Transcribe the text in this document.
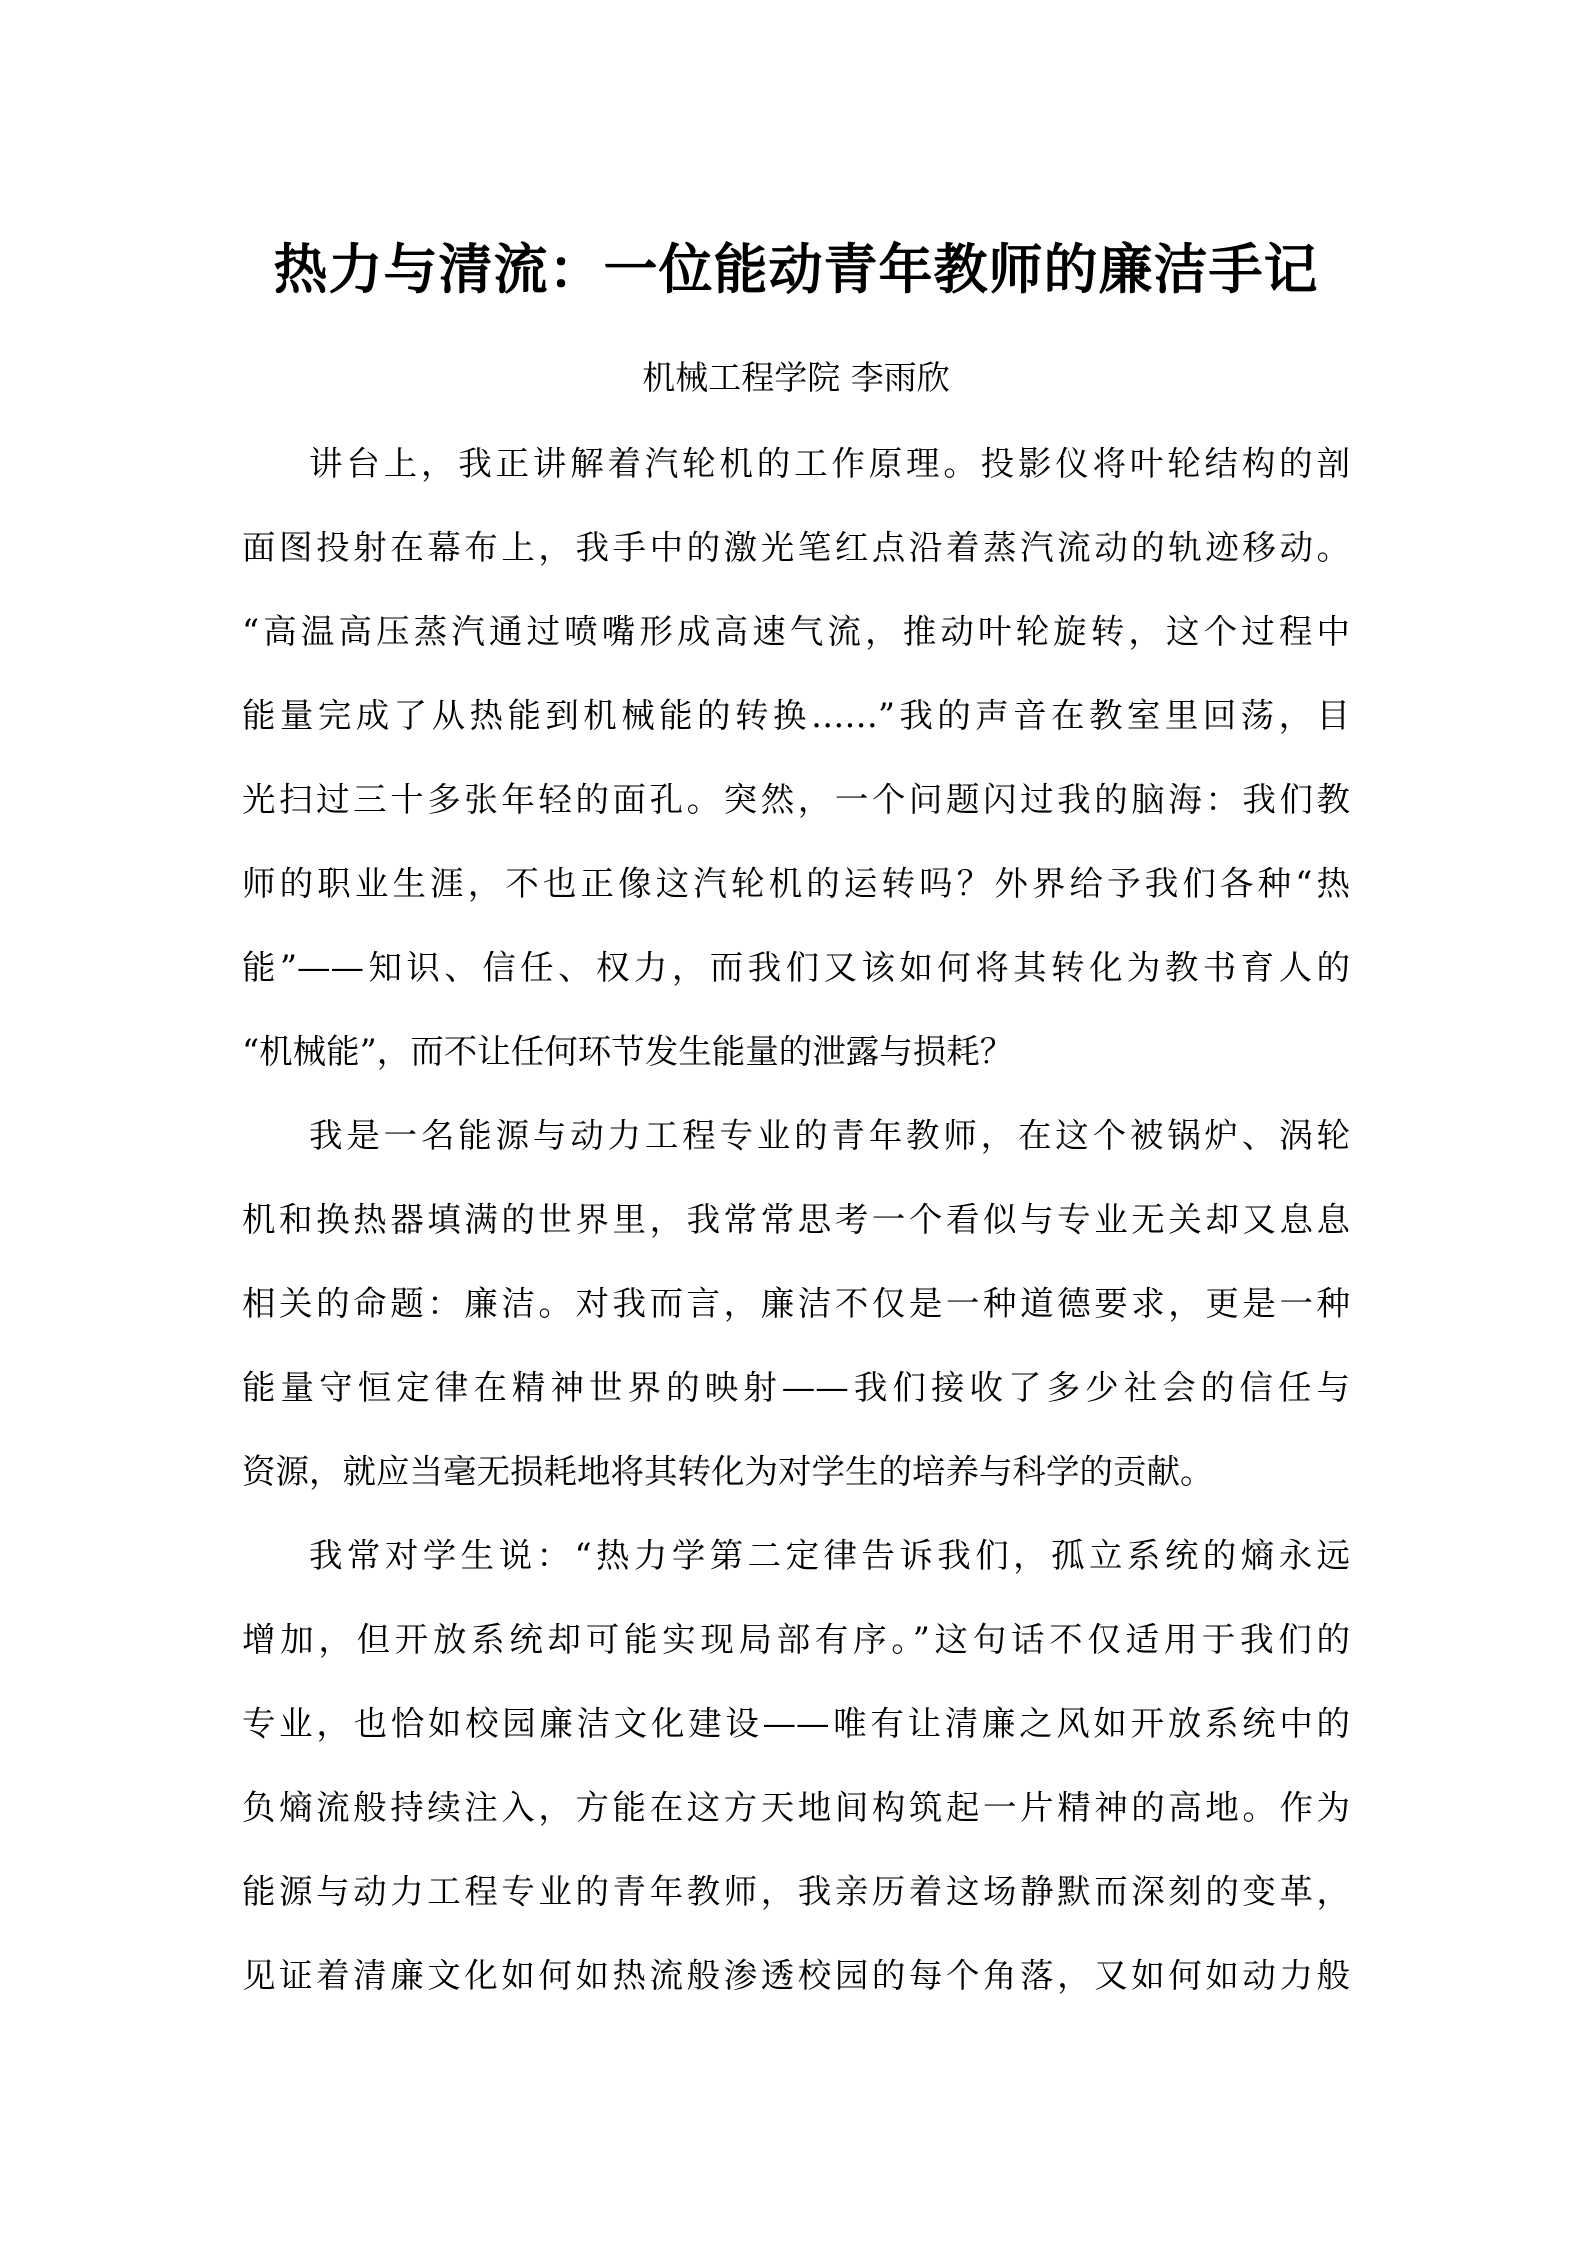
热力与清流：一位能动青年教师的廉洁手记
机械工程学院 李雨欣

讲台上，我正讲解着汽轮机的工作原理。投影仪将叶轮结构的剖
面图投射在幕布上，我手中的激光笔红点沿着蒸汽流动的轨迹移动。
“高温高压蒸汽通过喷嘴形成高速气流，推动叶轮旋转，这个过程中
能量完成了从热能到机械能的转换……”我的声音在教室里回荡，目
光扫过三十多张年轻的面孔。突然，一个问题闪过我的脑海：我们教
师的职业生涯，不也正像这汽轮机的运转吗？外界给予我们各种“热
能”——知识、信任、权力，而我们又该如何将其转化为教书育人的
“机械能”，而不让任何环节发生能量的泄露与损耗？

我是一名能源与动力工程专业的青年教师，在这个被锅炉、涡轮
机和换热器填满的世界里，我常常思考一个看似与专业无关却又息息
相关的命题：廉洁。对我而言，廉洁不仅是一种道德要求，更是一种
能量守恒定律在精神世界的映射——我们接收了多少社会的信任与
资源，就应当毫无损耗地将其转化为对学生的培养与科学的贡献。

我常对学生说：“热力学第二定律告诉我们，孤立系统的熵永远
增加，但开放系统却可能实现局部有序。”这句话不仅适用于我们的
专业，也恰如校园廉洁文化建设——唯有让清廉之风如开放系统中的
负熵流般持续注入，方能在这方天地间构筑起一片精神的高地。作为
能源与动力工程专业的青年教师，我亲历着这场静默而深刻的变革，
见证着清廉文化如何如热流般渗透校园的每个角落，又如何如动力般
